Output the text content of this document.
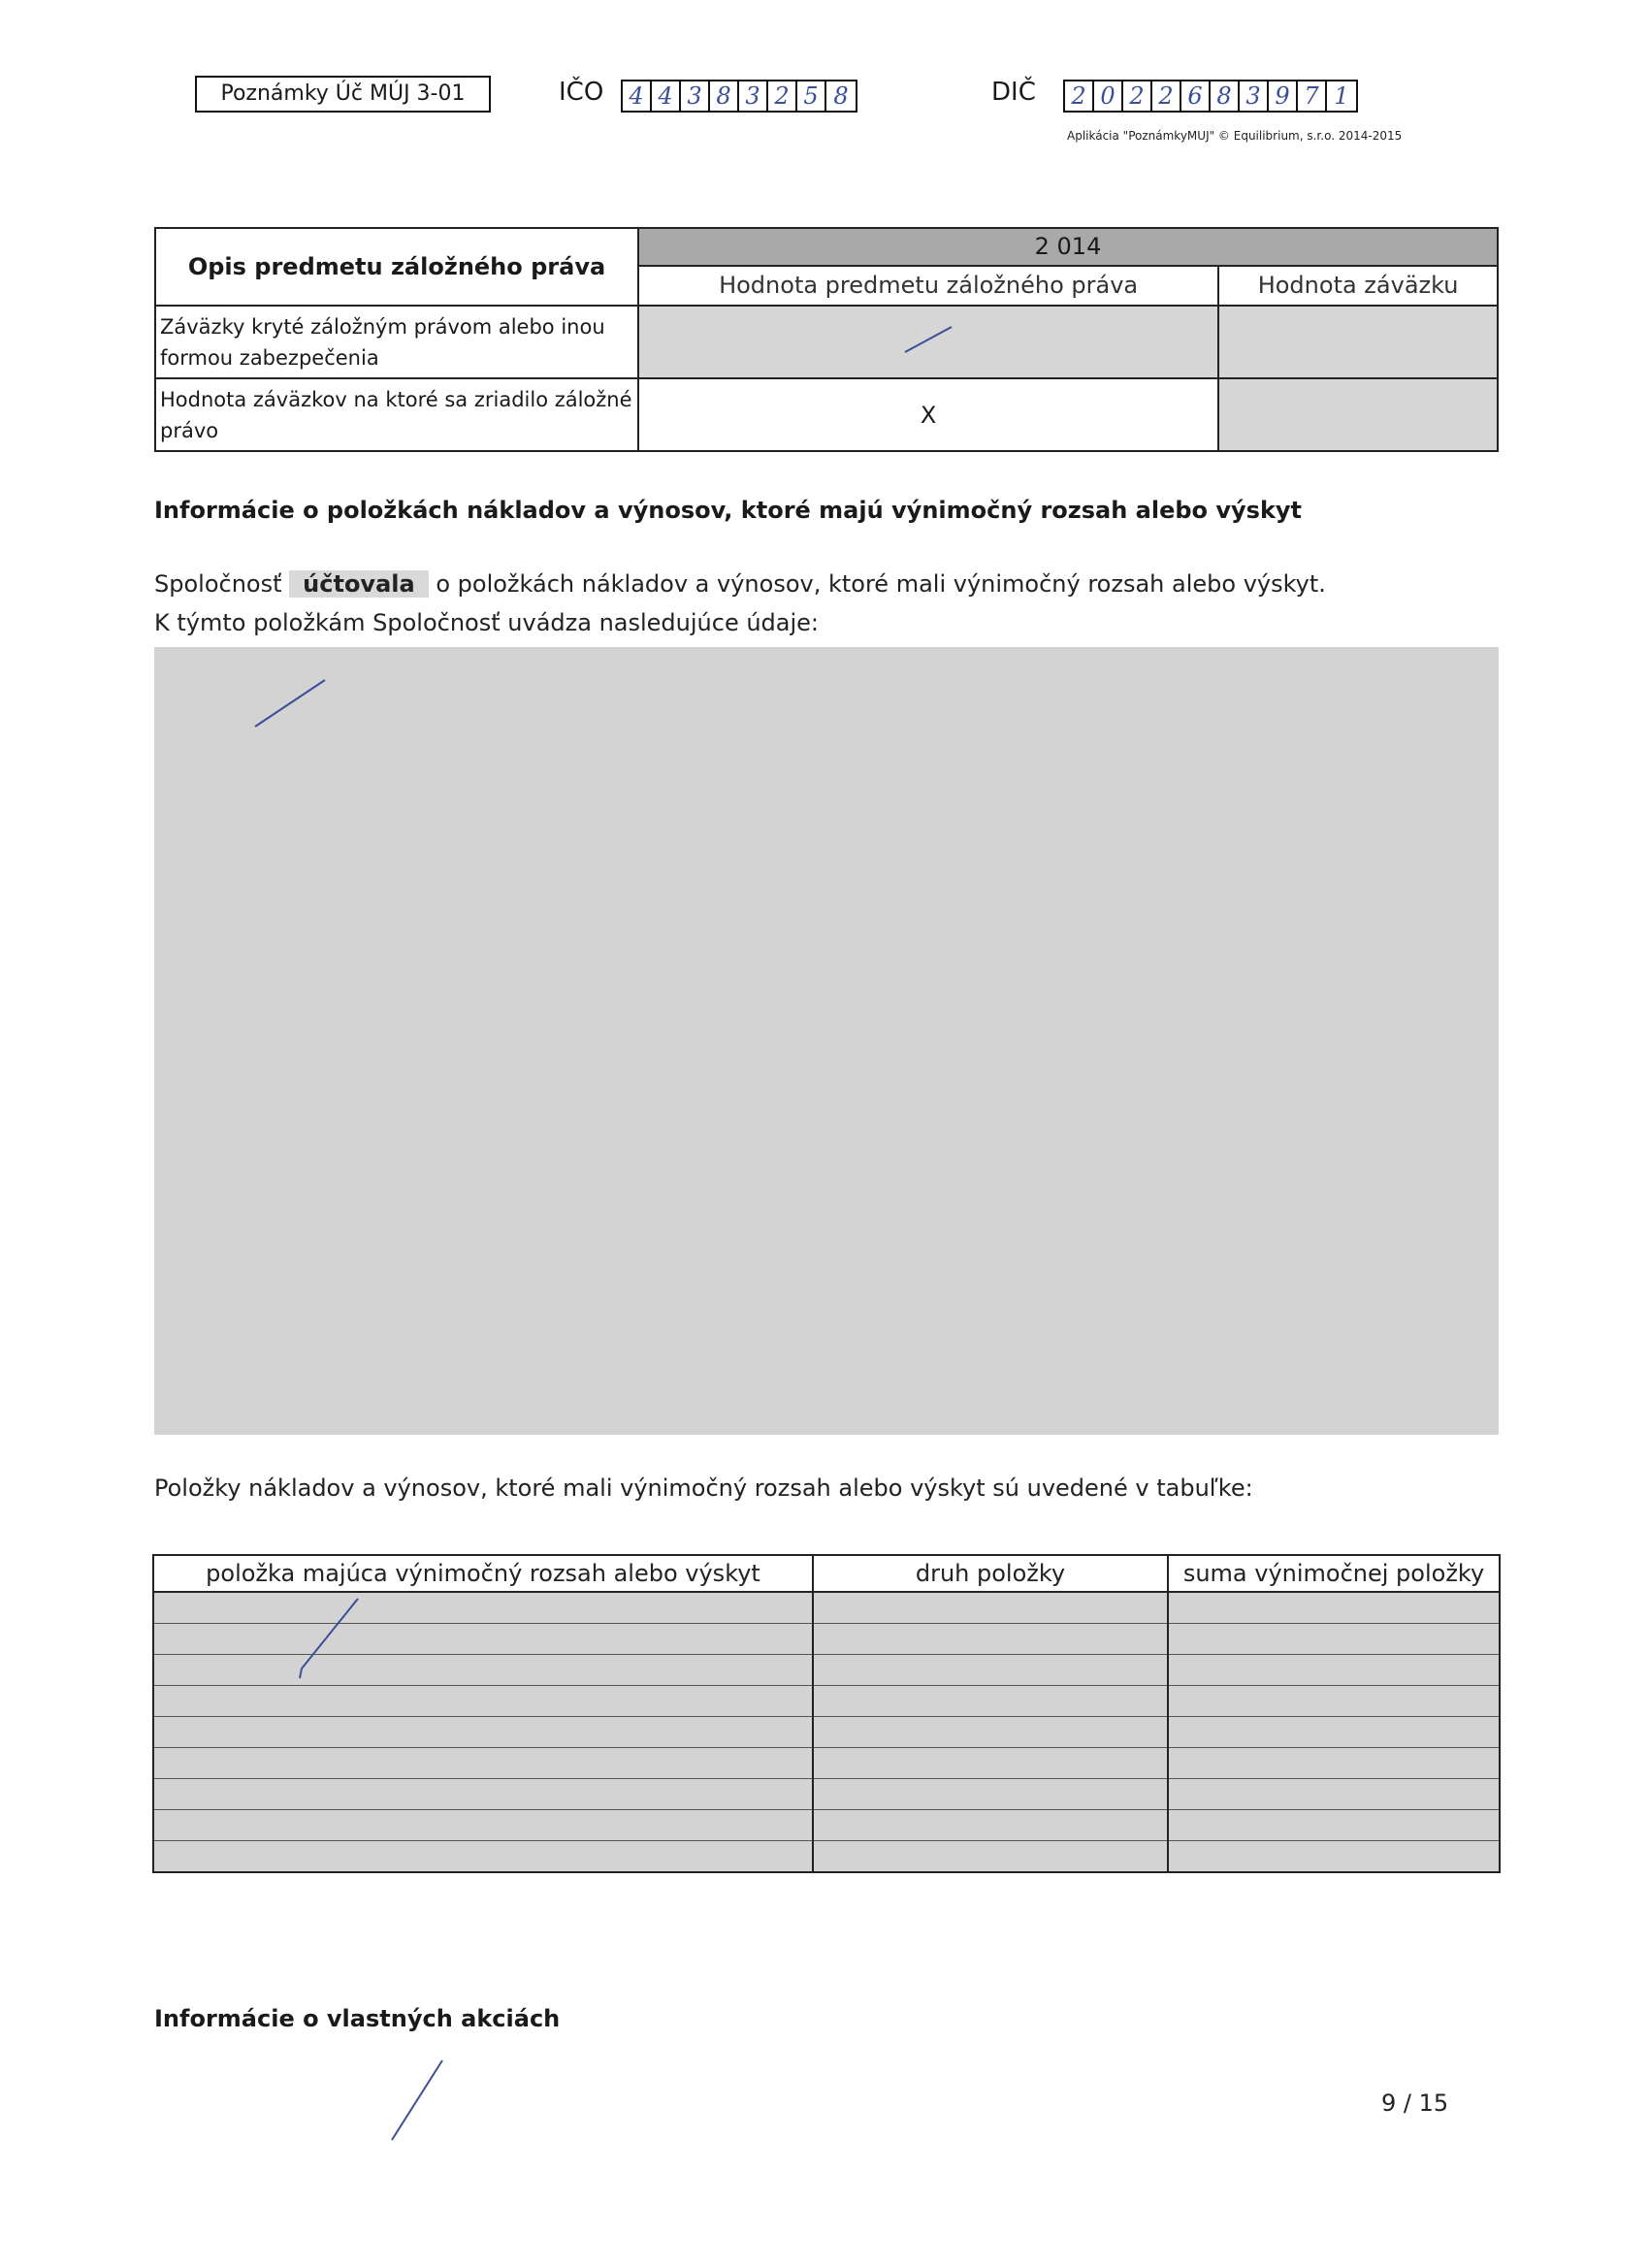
Poznámky Úč MÚJ 3-01	IČO 4 4 3 8 3 2 5 8	DIČ 2 0 2 2 6 8 3 9 7 1
Aplikácia "PoznámkyMUJ" © Equilibrium, s.r.o. 2014-2015
Opis predmetu záložného práva	2 014	
	Hodnota predmetu záložného práva	Hodnota záväzku
Záväzky kryté záložným právom alebo inou formou zabezpečenia		
Hodnota záväzkov na ktoré sa zriadilo záložné právo	X	
Informácie o položkách nákladov a výnosov, ktoré majú výnimočný rozsah alebo výskyt
Spoločnosť účtovala o položkách nákladov a výnosov, ktoré mali výnimočný rozsah alebo výskyt.
K týmto položkám Spoločnosť uvádza nasledujúce údaje:
Položky nákladov a výnosov, ktoré mali výnimočný rozsah alebo výskyt sú uvedené v tabuľke:
položka majúca výnimočný rozsah alebo výskyt	druh položky	suma výnimočnej položky

Informácie o vlastných akciách
9 / 15
